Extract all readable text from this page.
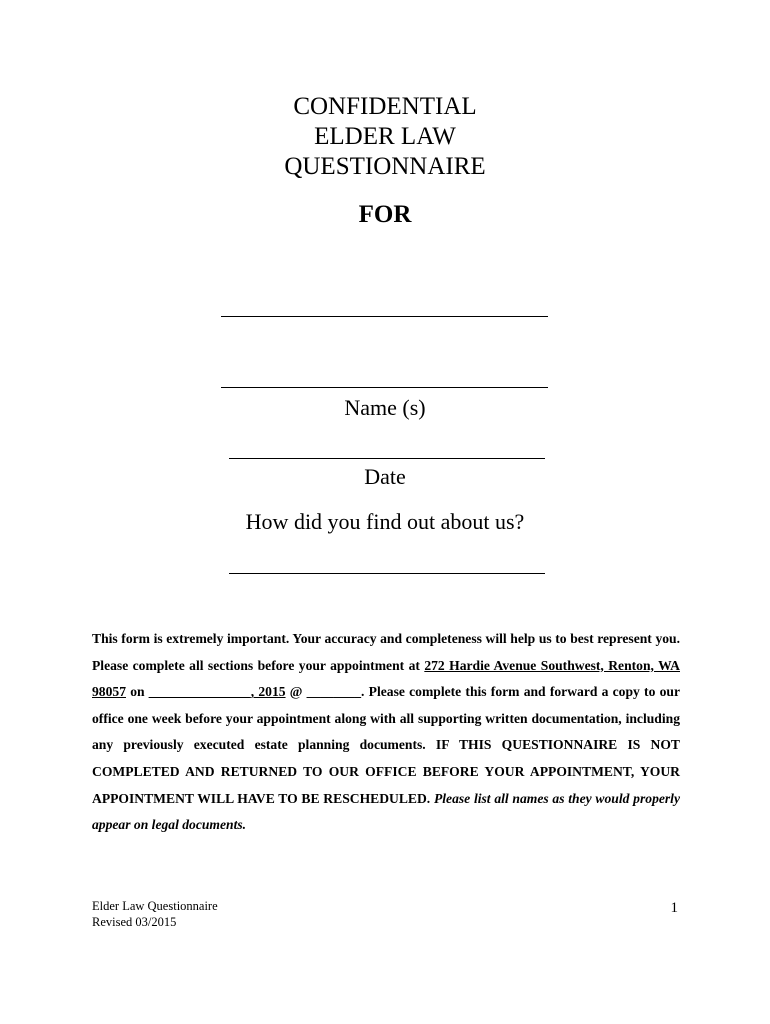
CONFIDENTIAL
ELDER LAW
QUESTIONNAIRE
FOR
Name (s)
Date
How did you find out about us?

This form is extremely important. Your accuracy and completeness will help us to best represent you. Please complete all sections before your appointment at 272 Hardie Avenue Southwest, Renton, WA 98057 on _______________, 2015 @ ________. Please complete this form and forward a copy to our office one week before your appointment along with all supporting written documentation, including any previously executed estate planning documents. IF THIS QUESTIONNAIRE IS NOT COMPLETED AND RETURNED TO OUR OFFICE BEFORE YOUR APPOINTMENT, YOUR APPOINTMENT WILL HAVE TO BE RESCHEDULED. Please list all names as they would properly appear on legal documents.

Elder Law Questionnaire
Revised 03/2015
1
